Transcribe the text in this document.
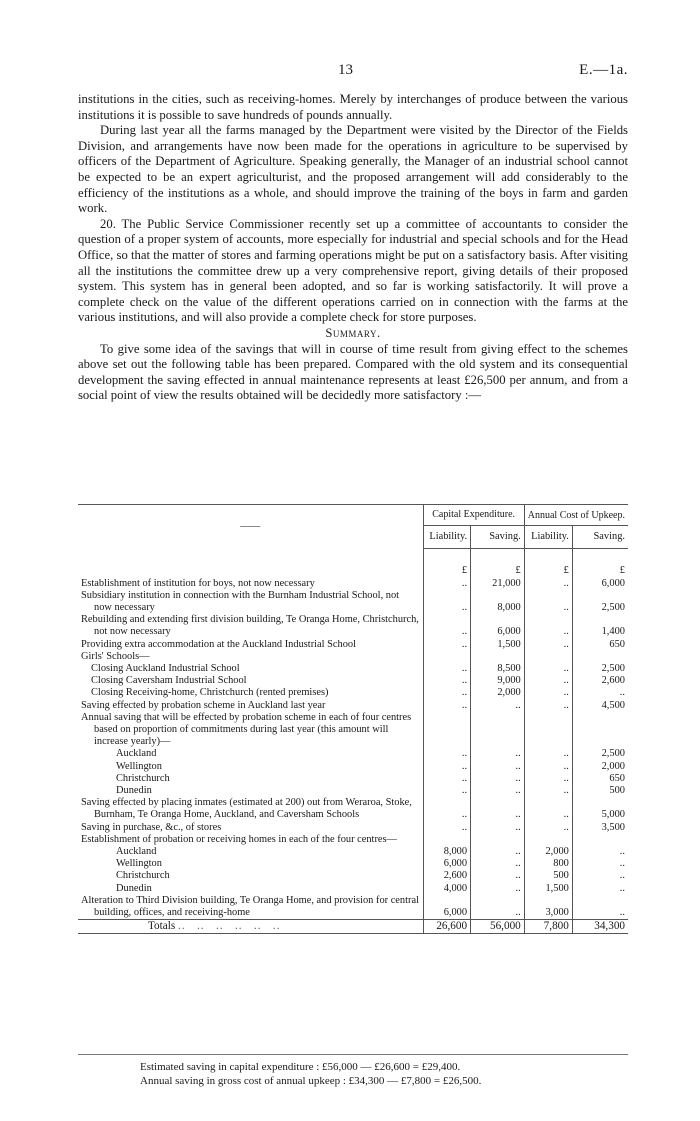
13	E.—1a.

institutions in the cities, such as receiving-homes. Merely by interchanges of produce between the various institutions it is possible to save hundreds of pounds annually.

During last year all the farms managed by the Department were visited by the Director of the Fields Division, and arrangements have now been made for the operations in agriculture to be supervised by officers of the Department of Agriculture. Speaking generally, the Manager of an industrial school cannot be expected to be an expert agriculturist, and the proposed arrangement will add considerably to the efficiency of the institutions as a whole, and should improve the training of the boys in farm and garden work.

20. The Public Service Commissioner recently set up a committee of accountants to consider the question of a proper system of accounts, more especially for industrial and special schools and for the Head Office, so that the matter of stores and farming operations might be put on a satisfactory basis. After visiting all the institutions the committee drew up a very comprehensive report, giving details of their proposed system. This system has in general been adopted, and so far is working satisfactorily. It will prove a complete check on the value of the different operations carried on in connection with the farms at the various institutions, and will also provide a complete check for store purposes.

Summary.

To give some idea of the savings that will in course of time result from giving effect to the schemes above set out the following table has been prepared. Compared with the old system and its consequential development the saving effected in annual maintenance represents at least £26,500 per annum, and from a social point of view the results obtained will be decidedly more satisfactory :—

——	Capital Expenditure.		Annual Cost of Upkeep.	
	Liability.	Saving.	Liability.	Saving.
	£	£	£	£

Establishment of institution for boys, not now necessary	..	21,000	..	6,000

Subsidiary institution in connection with the Burnham Industrial School, not now necessary	..	8,000	..	2,500

Rebuilding and extending first division building, Te Oranga Home, Christchurch, not now necessary	..	6,000	..	1,400

Providing extra accommodation at the Auckland Industrial School	..	1,500	..	650

Girls' Schools—				

Closing Auckland Industrial School	..	8,500	..	2,500
Closing Caversham Industrial School	..	9,000	..	2,600
Closing Receiving-home, Christchurch (rented premises)	..	2,000	..	..

Saving effected by probation scheme in Auckland last year	..	..	..	4,500

Annual saving that will be effected by probation scheme in each of four centres based on proportion of commitments during last year (this amount will increase yearly)—				

Auckland	..	..	..	2,500
Wellington	..	..	..	2,000
Christchurch	..	..	..	650
Dunedin	..	..	..	500

Saving effected by placing inmates (estimated at 200) out from Weraroa, Stoke, Burnham, Te Oranga Home, Auckland, and Caversham Schools	..	..	..	5,000

Saving in purchase, &c., of stores	..	..	..	3,500

Establishment of probation or receiving homes in each of the four centres—				

Auckland	8,000	..	2,000	..
Wellington	6,000	..	800	..
Christchurch	2,600	..	500	..
Dunedin	4,000	..	1,500	..

Alteration to Third Division building, Te Oranga Home, and provision for central building, offices, and receiving-home	6,000	..	3,000	..
Totals ..   ..   ..   ..   ..   ..	26,600	56,000	7,800	34,300
Estimated saving in capital expenditure : £56,000 — £26,600 = £29,400.
Annual saving in gross cost of annual upkeep : £34,300 — £7,800 = £26,500.
